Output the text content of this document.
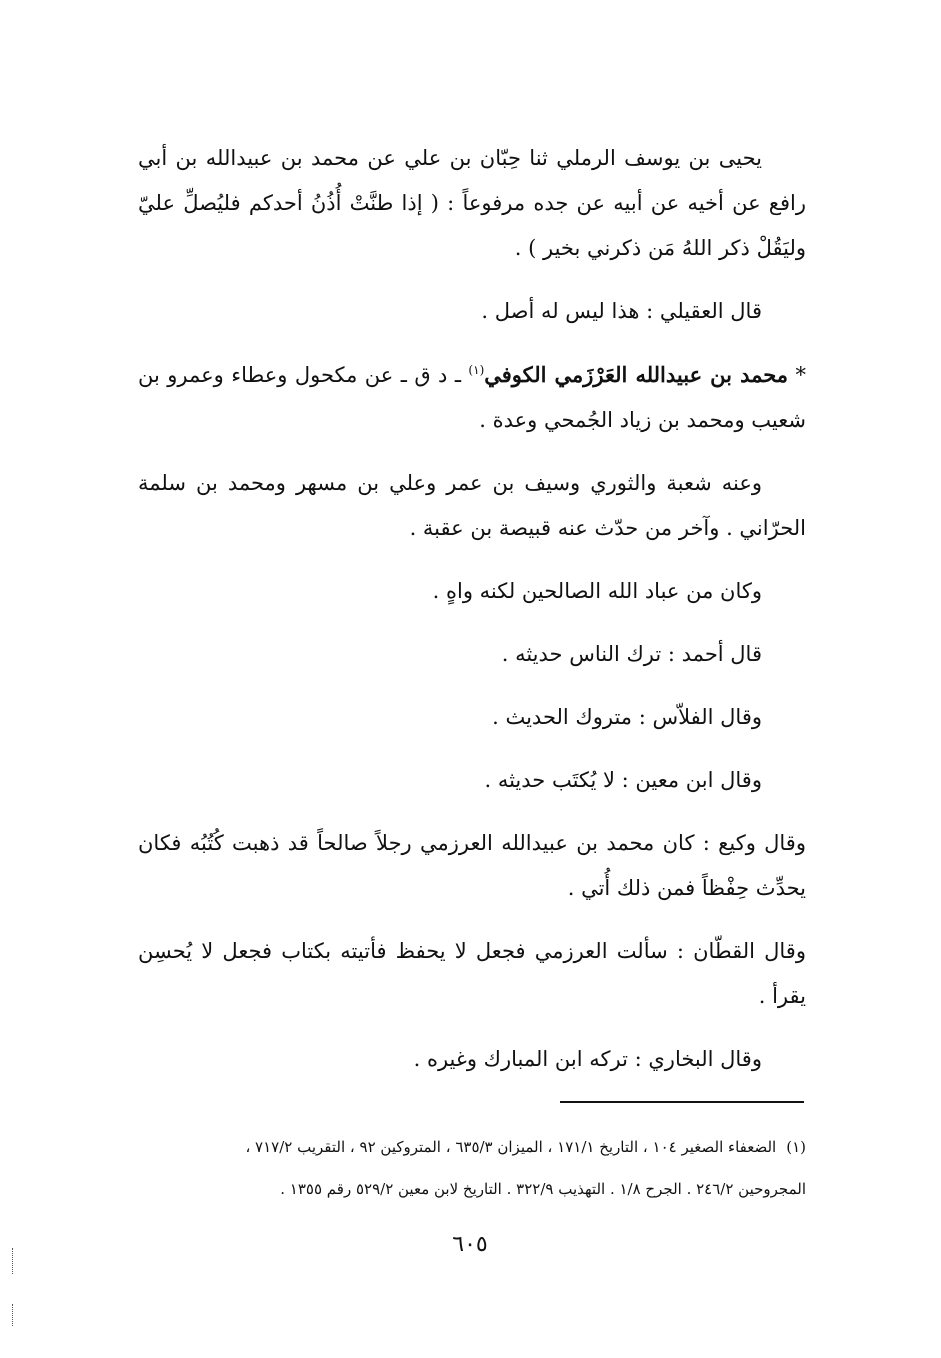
يحيى بن يوسف الرملي ثنا حِبّان بن علي عن محمد بن عبيدالله بن أبي رافع عن أخيه عن أبيه عن جده مرفوعاً : ( إذا طنَّتْ أُذُنُ أحدكم فليُصلِّ عليّ وليَقُلْ ذكر اللهُ مَن ذكرني بخير ) .

قال العقيلي : هذا ليس له أصل .

* محمد بن عبيدالله العَرْزَمي الكوفي$^{(١)}$ ـ د ق ـ عن مكحول وعطاء وعمرو بن شعيب ومحمد بن زياد الجُمحي وعدة .

وعنه شعبة والثوري وسيف بن عمر وعلي بن مسهر ومحمد بن سلمة الحرّاني . وآخر من حدّث عنه قبيصة بن عقبة .

وكان من عباد الله الصالحين لكنه واهٍ .

قال أحمد : ترك الناس حديثه .

وقال الفلاّس : متروك الحديث .

وقال ابن معين : لا يُكتَب حديثه .

وقال وكيع : كان محمد بن عبيدالله العرزمي رجلاً صالحاً قد ذهبت كُتُبُه فكان يحدِّث حِفْظاً فمن ذلك أُتي .

وقال القطّان : سألت العرزمي فجعل لا يحفظ فأتيته بكتاب فجعل لا يُحسِن يقرأ .

وقال البخاري : تركه ابن المبارك وغيره .

(١)الضعفاء الصغير ١٠٤ ، التاريخ ١٧١/١ ، الميزان ٦٣٥/٣ ، المتروكين ٩٢ ، التقريب ٧١٧/٢ ،

المجروحين ٢٤٦/٢ . الجرح ١/٨ . التهذيب ٣٢٢/٩ . التاريخ لابن معين ٥٢٩/٢ رقم ١٣٥٥ .

٦٠٥
